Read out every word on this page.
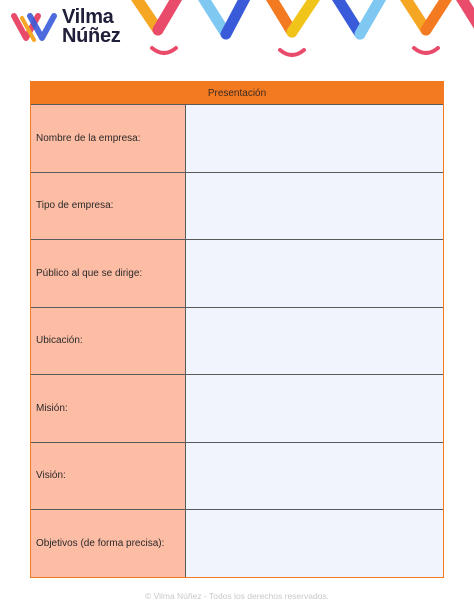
Vilma
Núñez
Presentación
Nombre de la empresa:
Tipo de empresa:
Público al que se dirige:
Ubicación:
Misión:
Visión:
Objetivos (de forma precisa):
© Vilma Núñez - Todos los derechos reservados.
